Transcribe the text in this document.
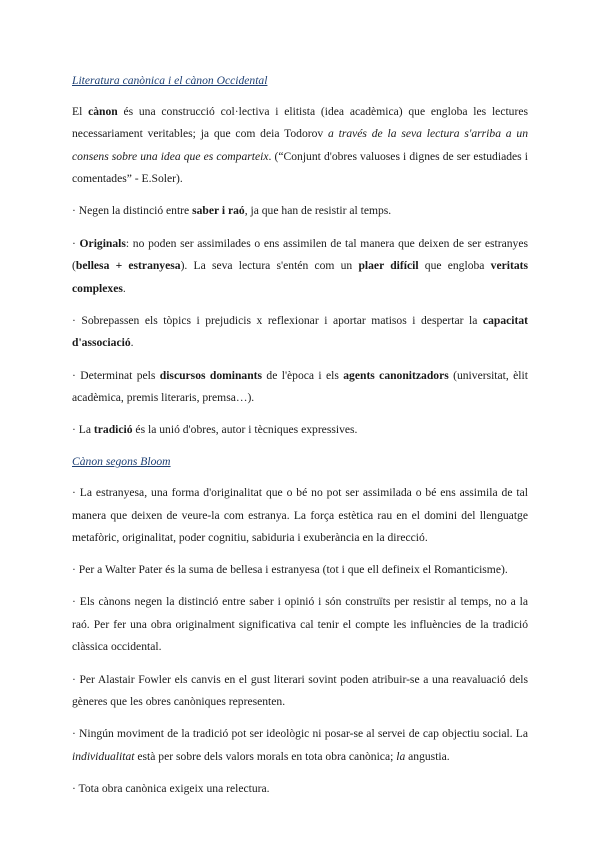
Literatura canònica i el cànon Occidental

El cànon és una construcció col·lectiva i elitista (idea acadèmica) que engloba les lectures necessariament veritables; ja que com deia Todorov a través de la seva lectura s'arriba a un consens sobre una idea que es comparteix. (“Conjunt d'obres valuoses i dignes de ser estudiades i comentades” - E.Soler).

· Negen la distinció entre saber i raó, ja que han de resistir al temps.

· Originals: no poden ser assimilades o ens assimilen de tal manera que deixen de ser estranyes (bellesa + estranyesa). La seva lectura s'entén com un plaer difícil que engloba veritats complexes.

· Sobrepassen els tòpics i prejudicis x reflexionar i aportar matisos i despertar la capacitat d'associació.

· Determinat pels discursos dominants de l'època i els agents canonitzadors (universitat, èlit acadèmica, premis literaris, premsa…).

· La tradició és la unió d'obres, autor i tècniques expressives.

Cànon segons Bloom

· La estranyesa, una forma d'originalitat que o bé no pot ser assimilada o bé ens assimila de tal manera que deixen de veure-la com estranya. La força estètica rau en el domini del llenguatge metafòric, originalitat, poder cognitiu, sabiduria i exuberància en la direcció.

· Per a Walter Pater és la suma de bellesa i estranyesa (tot i que ell defineix el Romanticisme).

· Els cànons negen la distinció entre saber i opinió i són construïts per resistir al temps, no a la raó. Per fer una obra originalment significativa cal tenir el compte les influències de la tradició clàssica occidental.

· Per Alastair Fowler els canvis en el gust literari sovint poden atribuir-se a una reavaluació dels gèneres que les obres canòniques representen.

· Ningún moviment de la tradició pot ser ideològic ni posar-se al servei de cap objectiu social. La individualitat està per sobre dels valors morals en tota obra canònica; la angustia.

· Tota obra canònica exigeix una relectura.
